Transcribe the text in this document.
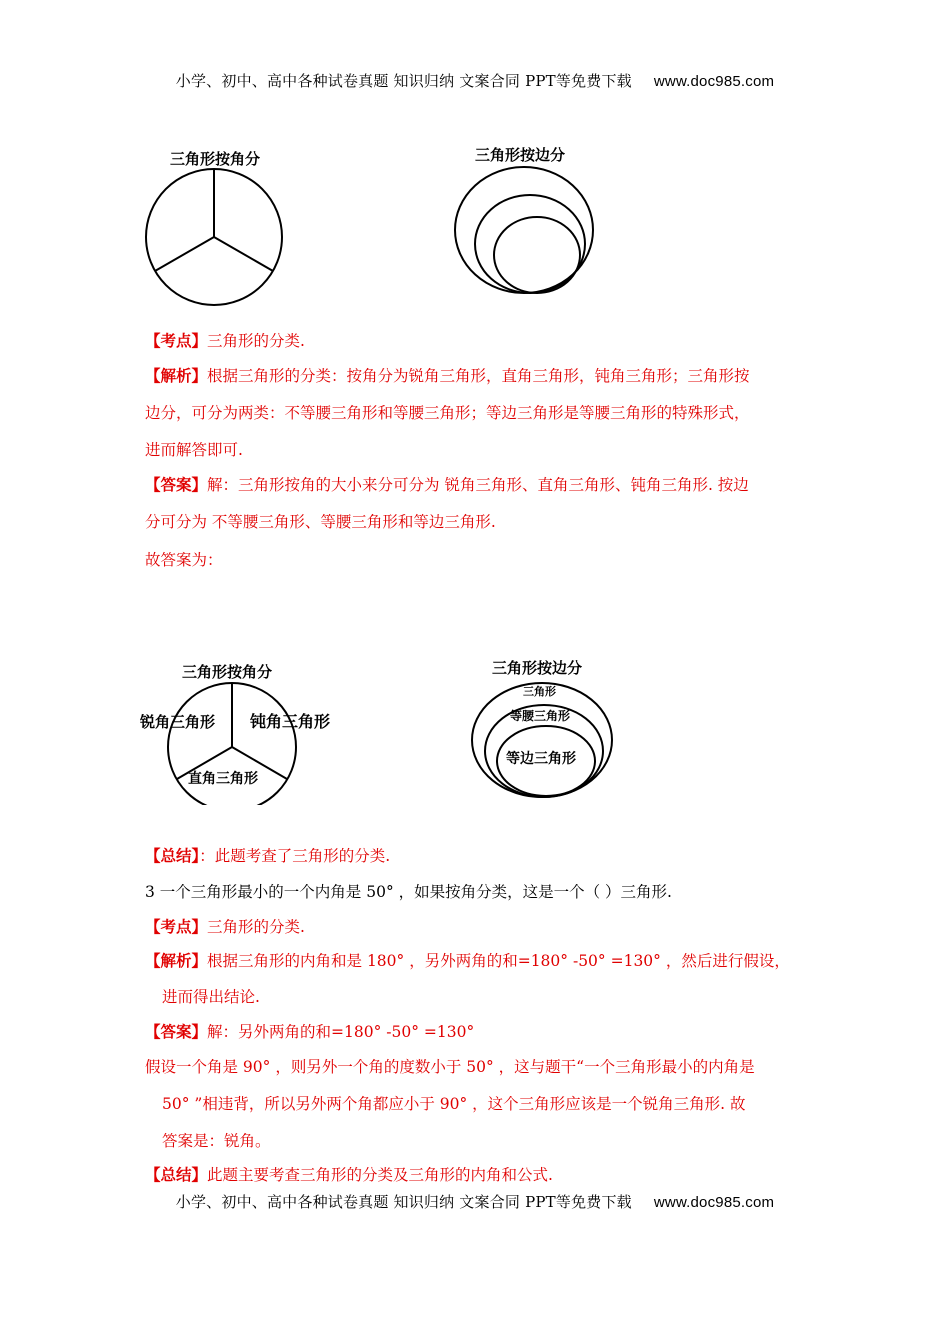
小学、初中、高中各种试卷真题 知识归纳 文案合同 PPT等免费下载 www.doc985.com
三角形按角分	三角形按边分
【考点】三角形的分类.
【解析】根据三角形的分类：按角分为锐角三角形，直角三角形，钝角三角形；三角形按
边分，可分为两类：不等腰三角形和等腰三角形；等边三角形是等腰三角形的特殊形式，
进而解答即可.
【答案】解：三角形按角的大小来分可分为 锐角三角形、直角三角形、钝角三角形. 按边
分可分为 不等腰三角形、等腰三角形和等边三角形.
故答案为：
三角形按角分
锐角三角形 钝角三角形
直角三角形
三角形按边分
三角形
等腰三角形
等边三角形
【总结】：此题考查了三角形的分类.
3 一个三角形最小的一个内角是 50° ，如果按角分类，这是一个（ ）三角形.
【考点】三角形的分类.
【解析】根据三角形的内角和是 180° ，另外两角的和=180° -50° =130° ，然后进行假设，
进而得出结论.
【答案】解：另外两角的和=180° -50° =130°
假设一个角是 90° ，则另外一个角的度数小于 50° ，这与题干“一个三角形最小的内角是
50° ”相违背，所以另外两个角都应小于 90° ，这个三角形应该是一个锐角三角形. 故
答案是：锐角。
【总结】此题主要考查三角形的分类及三角形的内角和公式.
小学、初中、高中各种试卷真题 知识归纳 文案合同 PPT等免费下载 www.doc985.com
